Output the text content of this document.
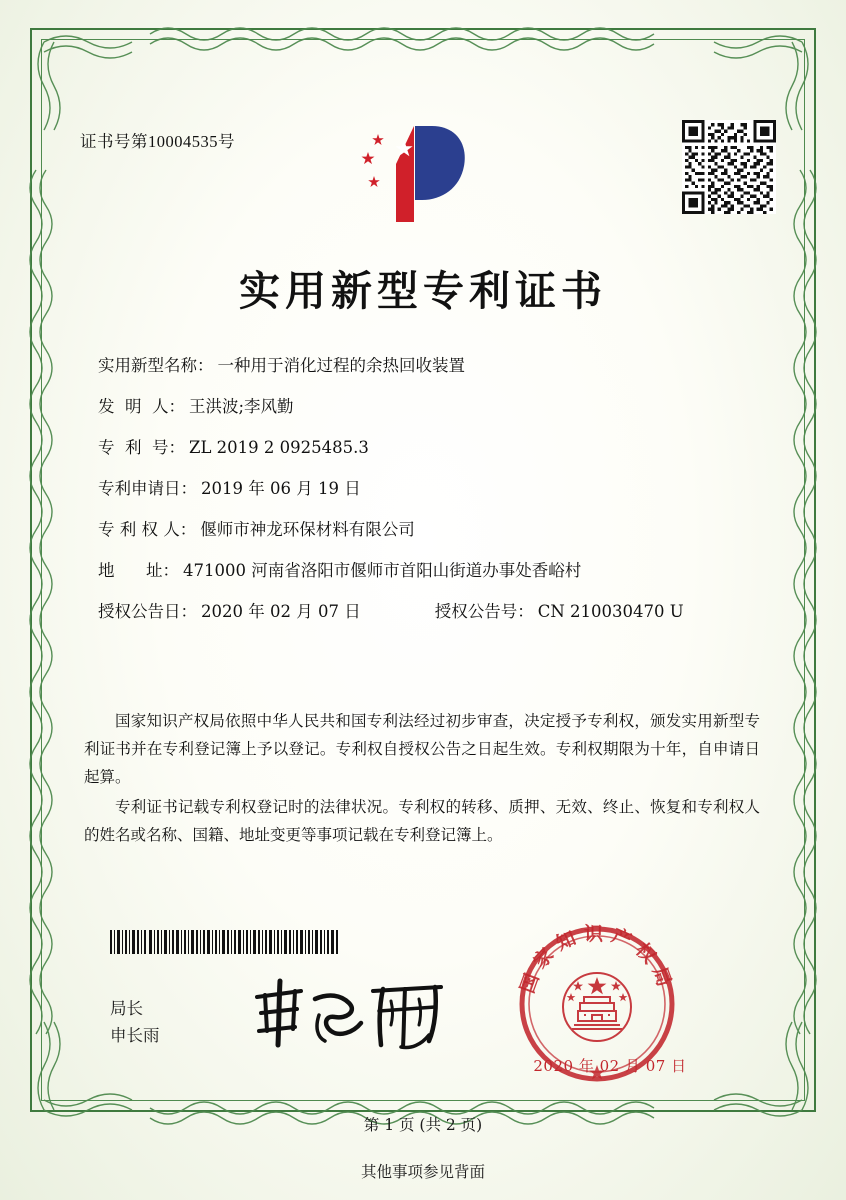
证书号第10004535号
实用新型专利证书
实用新型名称： 一种用于消化过程的余热回收装置
发  明  人： 王洪波;李风勤
专  利  号： ZL 2019 2 0925485.3
专利申请日： 2019 年 06 月 19 日
专 利 权 人： 偃师市神龙环保材料有限公司
地      址： 471000 河南省洛阳市偃师市首阳山街道办事处香峪村
授权公告日： 2020 年 02 月 07 日	授权公告号： CN 210030470 U

国家知识产权局依照中华人民共和国专利法经过初步审查，决定授予专利权，颁发实用新型专利证书并在专利登记簿上予以登记。专利权自授权公告之日起生效。专利权期限为十年，自申请日起算。

专利证书记载专利权登记时的法律状况。专利权的转移、质押、无效、终止、恢复和专利权人的姓名或名称、国籍、地址变更等事项记载在专利登记簿上。

局长
申长雨
国家知识产权局
2020 年 02 月 07 日
第 1 页 (共 2 页)
其他事项参见背面
